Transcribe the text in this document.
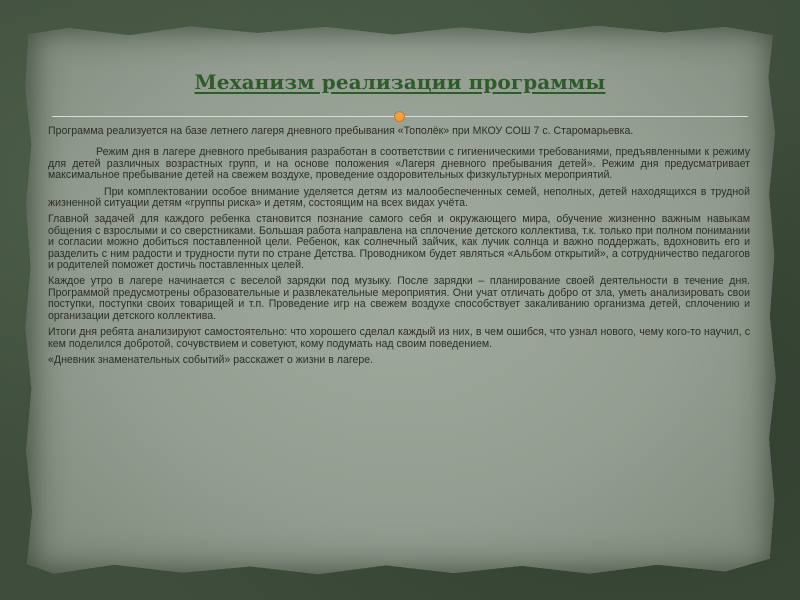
Механизм реализации программы

Программа реализуется на базе летнего лагеря дневного пребывания «Тополёк» при МКОУ СОШ 7 с. Старомарьевка.

Режим дня в лагере дневного пребывания разработан в соответствии с гигиеническими требованиями, предъявленными к режиму для детей различных возрастных групп, и на основе положения «Лагеря дневного пребывания детей». Режим дня предусматривает максимальное пребывание детей на свежем воздухе, проведение оздоровительных физкультурных мероприятий.

При комплектовании особое внимание уделяется детям из малообеспеченных семей, неполных, детей находящихся в трудной жизненной ситуации детям «группы риска» и детям, состоящим на всех видах учёта.

Главной задачей для каждого ребенка становится познание самого себя и окружающего мира, обучение жизненно важным навыкам общения с взрослыми и со сверстниками. Большая работа направлена на сплочение детского коллектива, т.к. только при полном понимании и согласии можно добиться поставленной цели. Ребенок, как солнечный зайчик, как лучик солнца и важно поддержать, вдохновить его и разделить с ним радости и трудности пути по стране Детства. Проводником будет являться «Альбом открытий», а сотрудничество педагогов и родителей поможет достичь поставленных целей.

Каждое утро в лагере начинается с веселой зарядки под музыку. После зарядки – планирование своей деятельности в течение дня. Программой предусмотрены образовательные и развлекательные мероприятия. Они учат отличать добро от зла, уметь анализировать свои поступки, поступки своих товарищей и т.п. Проведение игр на свежем воздухе способствует закаливанию организма детей, сплочению и организации детского коллектива.

Итоги дня ребята анализируют самостоятельно: что хорошего сделал каждый из них, в чем ошибся, что узнал нового, чему кого-то научил, с кем поделился добротой, сочувствием и советуют, кому подумать над своим поведением.

«Дневник знаменательных событий» расскажет о жизни в лагере.
